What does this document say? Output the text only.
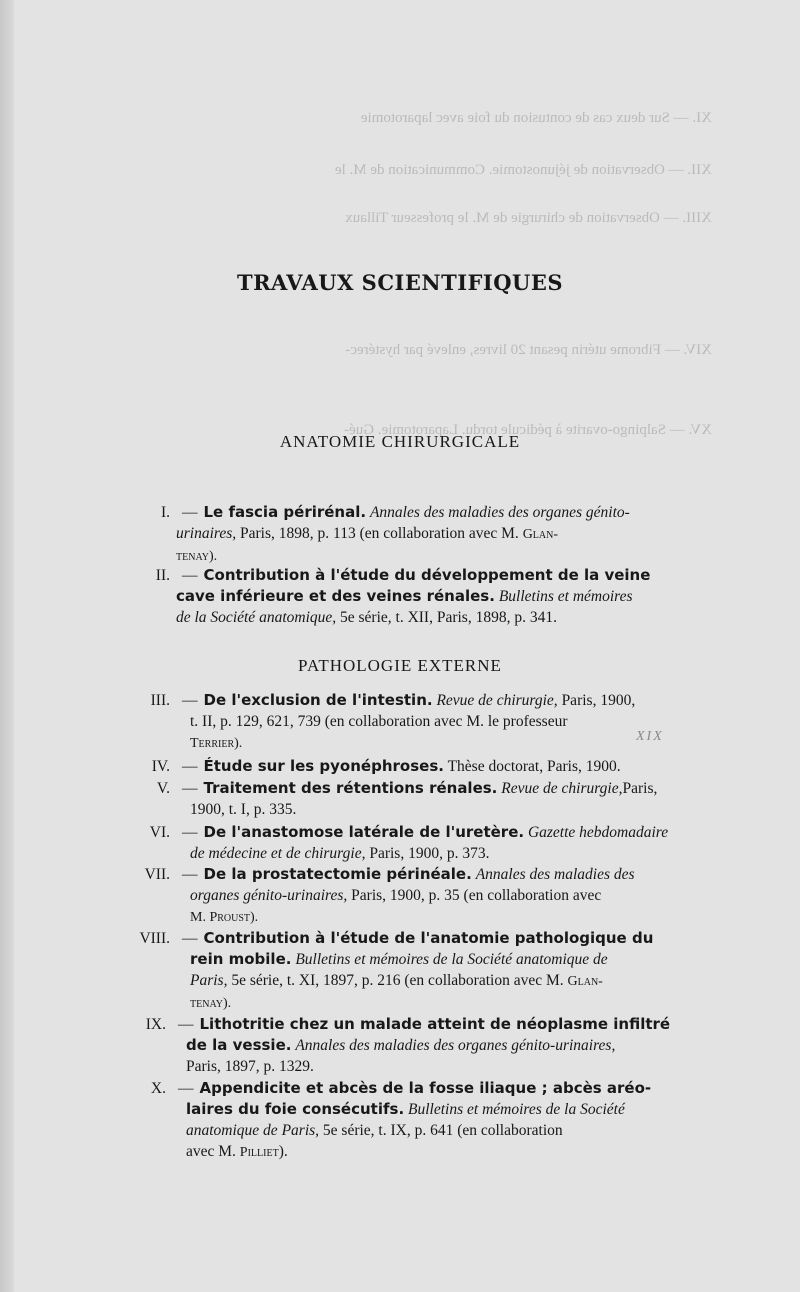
XI. — Sur deux cas de contusion du foie avec laparotomie
XII. — Observation de jéjunostomie. Communication de M. le
XIII. — Observation de chirurgie de M. le professeur Tillaux
XIV. — Fibrome utérin pesant 20 livres, enlevé par hystérec-
XV. — Salpingo-ovarite à pédicule tordu. Laparotomie. Gué-
TRAVAUX SCIENTIFIQUES
ANATOMIE CHIRURGICALE
PATHOLOGIE EXTERNE
I. — Le fascia périrénal. Annales des maladies des organes génito-
urinaires, Paris, 1898, p. 113 (en collaboration avec M. Glan-
tenay).
II. — Contribution à l'étude du développement de la veine
cave inférieure et des veines rénales. Bulletins et mémoires
de la Société anatomique, 5e série, t. XII, Paris, 1898, p. 341.
III. — De l'exclusion de l'intestin. Revue de chirurgie, Paris, 1900,
t. II, p. 129, 621, 739 (en collaboration avec M. le professeur
Terrier).	XIX
IV. — Étude sur les pyonéphroses. Thèse doctorat, Paris, 1900.
V. — Traitement des rétentions rénales. Revue de chirurgie,Paris,
1900, t. I, p. 335.
VI. — De l'anastomose latérale de l'uretère. Gazette hebdomadaire
de médecine et de chirurgie, Paris, 1900, p. 373.
VII. — De la prostatectomie périnéale. Annales des maladies des
organes génito-urinaires, Paris, 1900, p. 35 (en collaboration avec
M. Proust).
VIII. — Contribution à l'étude de l'anatomie pathologique du
rein mobile. Bulletins et mémoires de la Société anatomique de
Paris, 5e série, t. XI, 1897, p. 216 (en collaboration avec M. Glan-
tenay).
IX. — Lithotritie chez un malade atteint de néoplasme infiltré
de la vessie. Annales des maladies des organes génito-urinaires,
Paris, 1897, p. 1329.
X. — Appendicite et abcès de la fosse iliaque ; abcès aréo-
laires du foie consécutifs. Bulletins et mémoires de la Société
anatomique de Paris, 5e série, t. IX, p. 641 (en collaboration
avec M. Pilliet).
